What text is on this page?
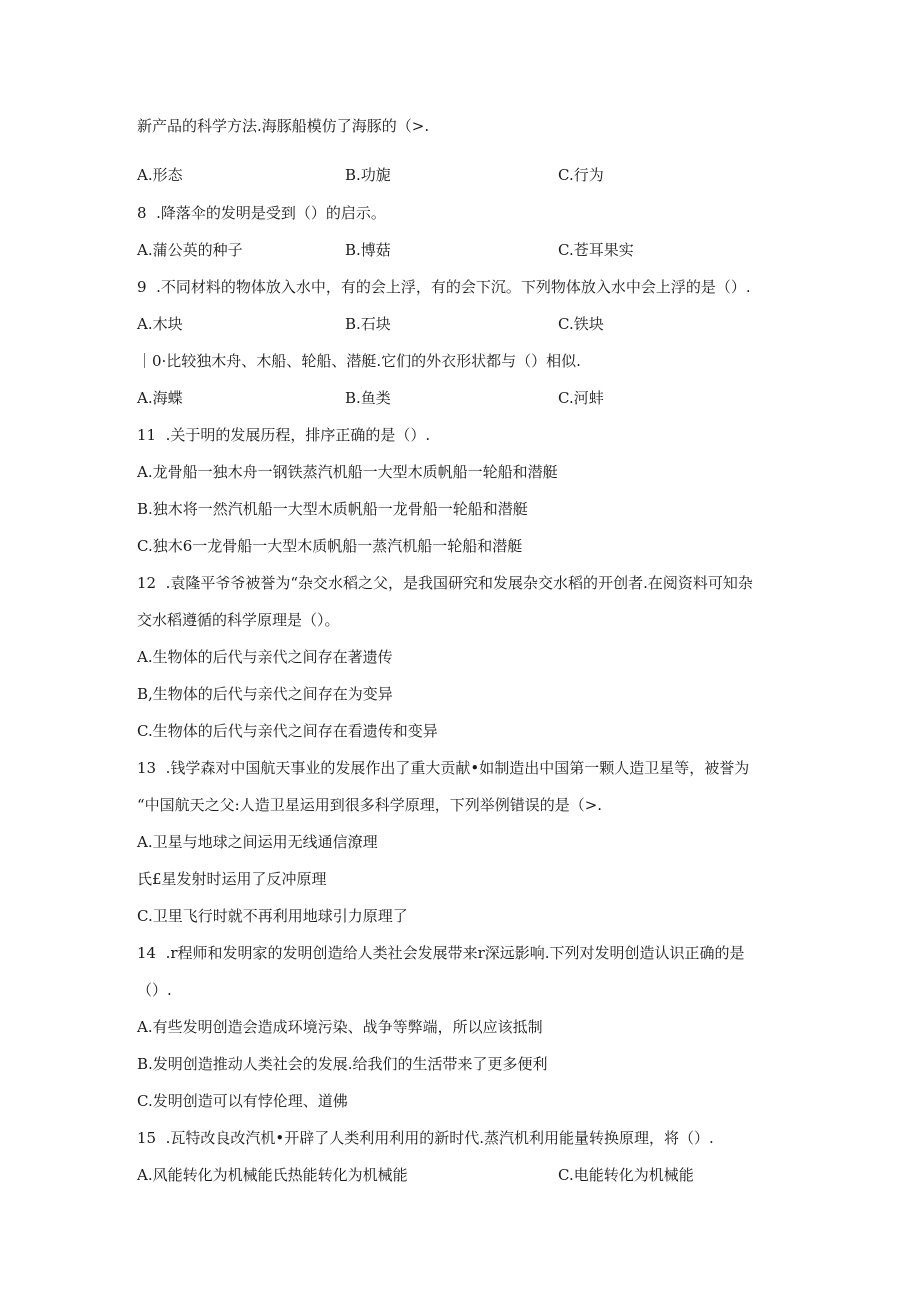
新产品的科学方法.海豚船模仿了海豚的（>.
A.形态	B.功旎	C.行为
8  .降落伞的发明是受到（）的启示。
A.蒲公英的种子	B.博菇	C.苍耳果实
9  .不同材料的物体放入水中，有的会上浮，有的会下沉。下列物体放入水中会上浮的是（）.
A.木块	B.石块	C.铁块
｜0·比较独木舟、木船、轮船、潜艇.它们的外衣形状都与（）相似.
A.海蝶	B.鱼类	C.河蚌
11  .关于明的发展历程，排序正确的是（）.
A.龙骨船一独木舟一钢铁蒸汽机船一大型木质帆船一轮船和潜艇
B.独木将一然汽机船一大型木质帆船一龙骨船一轮船和潜艇
C.独木6一龙骨船一大型木质帆船一蒸汽机船一轮船和潜艇
12  .袁隆平爷爷被誉为“杂交水稻之父，是我国研究和发展杂交水稻的开创者.在阅资料可知杂
交水稻遵循的科学原理是（）。
A.生物体的后代与亲代之间存在著遗传
B,生物体的后代与亲代之间存在为变异
C.生物体的后代与亲代之间存在看遗传和变异
13  .钱学森对中国航天事业的发展作出了重大贡献•如制造出中国第一颗人造卫星等，被誉为
“中国航天之父:人造卫星运用到很多科学原理，下列举例错误的是（>.
A.卫星与地球之间运用无线通信潦理
氏£星发射时运用了反冲原理
C.卫里飞行时就不再利用地球引力原理了
14  .r程师和发明家的发明创造给人类社会发展带来r深远影响.下列对发明创造认识正确的是
（）.
A.有些发明创造会造成环境污染、战争等弊端，所以应该抵制
B.发明创造推动人类社会的发展.给我们的生活带来了更多便利
C.发明创造可以有悖伦理、道佛
15  .瓦特改良改汽机•开辟了人类利用利用的新时代.蒸汽机利用能量转换原理，将（）.
A.风能转化为机械能氏热能转化为机械能	C.电能转化为机械能
